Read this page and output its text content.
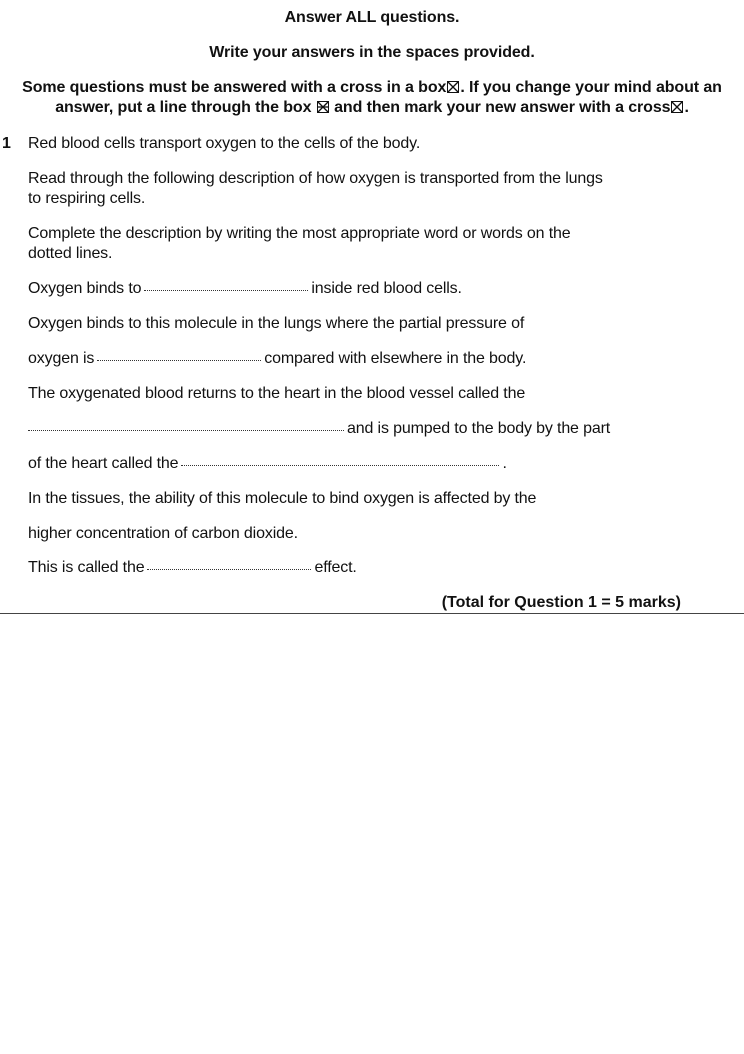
Answer ALL questions.
Write your answers in the spaces provided.
Some questions must be answered with a cross in a box☒. If you change your mind about an
answer, put a line through the box and then mark your new answer with a cross☒.
1 Red blood cells transport oxygen to the cells of the body.
Read through the following description of how oxygen is transported from the lungs
to respiring cells.
Complete the description by writing the most appropriate word or words on the
dotted lines.
Oxygen binds to	inside red blood cells.
Oxygen binds to this molecule in the lungs where the partial pressure of
oxygen is	compared with elsewhere in the body.
The oxygenated blood returns to the heart in the blood vessel called the
and is pumped to the body by the part
of the heart called the	.
In the tissues, the ability of this molecule to bind oxygen is affected by the
higher concentration of carbon dioxide.
This is called the	effect.
(Total for Question 1 = 5 marks)
